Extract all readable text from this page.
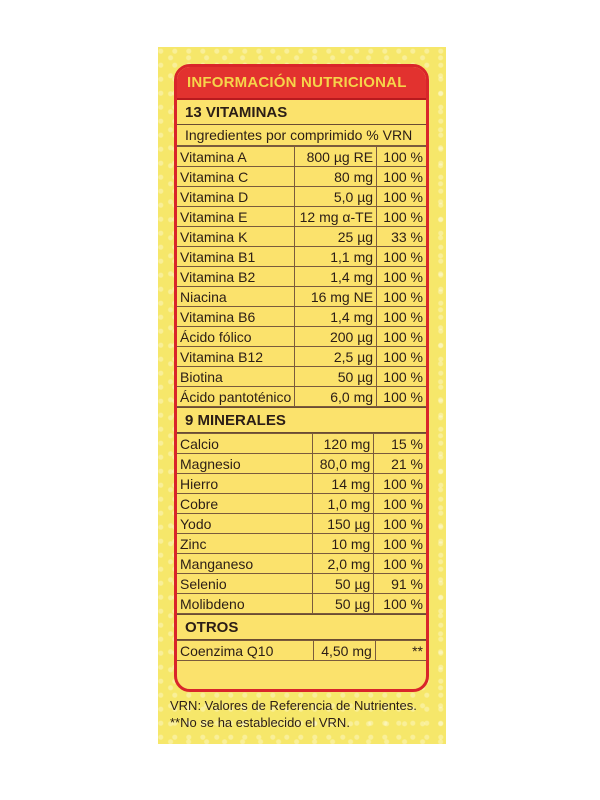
INFORMACIÓN NUTRICIONAL
13 VITAMINAS
Ingredientes por comprimido % VRN
Vitamina A	800 µg RE	100 %
Vitamina C	80 mg	100 %
Vitamina D	5,0 µg	100 %
Vitamina E	12 mg α-TE	100 %
Vitamina K	25 µg	33 %
Vitamina B1	1,1 mg	100 %
Vitamina B2	1,4 mg	100 %
Niacina	16 mg NE	100 %
Vitamina B6	1,4 mg	100 %
Ácido fólico	200 µg	100 %
Vitamina B12	2,5 µg	100 %
Biotina	50 µg	100 %
Ácido pantoténico	6,0 mg	100 %
9 MINERALES
Calcio	120 mg	15 %
Magnesio	80,0 mg	21 %
Hierro	14 mg	100 %
Cobre	1,0 mg	100 %
Yodo	150 µg	100 %
Zinc	10 mg	100 %
Manganeso	2,0 mg	100 %
Selenio	50 µg	91 %
Molibdeno	50 µg	100 %
OTROS
Coenzima Q10	4,50 mg	**
VRN: Valores de Referencia de Nutrientes.
**No se ha establecido el VRN.
